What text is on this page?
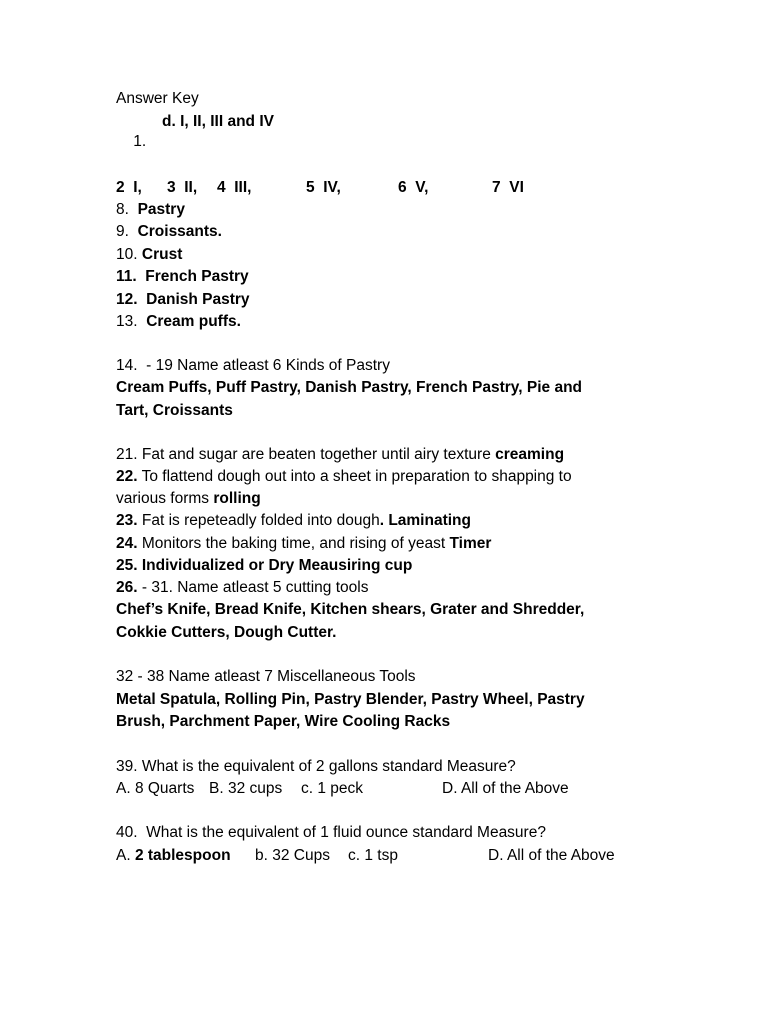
Answer Key

1.

d. I, II, III and IV

2  I, 3  II, 4  III,	5  IV,	6  V,	7  VI
8. Pastry
9. Croissants.
10. Crust
11.  French Pastry
12.  Danish Pastry
13. Cream puffs.
14.  - 19 Name atleast 6 Kinds of Pastry
Cream Puffs, Puff Pastry, Danish Pastry, French Pastry, Pie and
Tart, Croissants
21. Fat and sugar are beaten together until airy texture creaming
22. To flattend dough out into a sheet in preparation to shapping to
various forms rolling
23. Fat is repeteadly folded into dough. Laminating
24. Monitors the baking time, and rising of yeast Timer
25. Individualized or Dry Meausiring cup
26. - 31. Name atleast 5 cutting tools
Chef’s Knife, Bread Knife, Kitchen shears, Grater and Shredder,
Cokkie Cutters, Dough Cutter.
32 - 38 Name atleast 7 Miscellaneous Tools
Metal Spatula, Rolling Pin, Pastry Blender, Pastry Wheel, Pastry
Brush, Parchment Paper, Wire Cooling Racks
39. What is the equivalent of 2 gallons standard Measure?
A. 8 Quarts B. 32 cups c. 1 peck	D. All of the Above
40.  What is the equivalent of 1 fluid ounce standard Measure?
A. 2 tablespoon b. 32 Cups c. 1 tsp	D. All of the Above
